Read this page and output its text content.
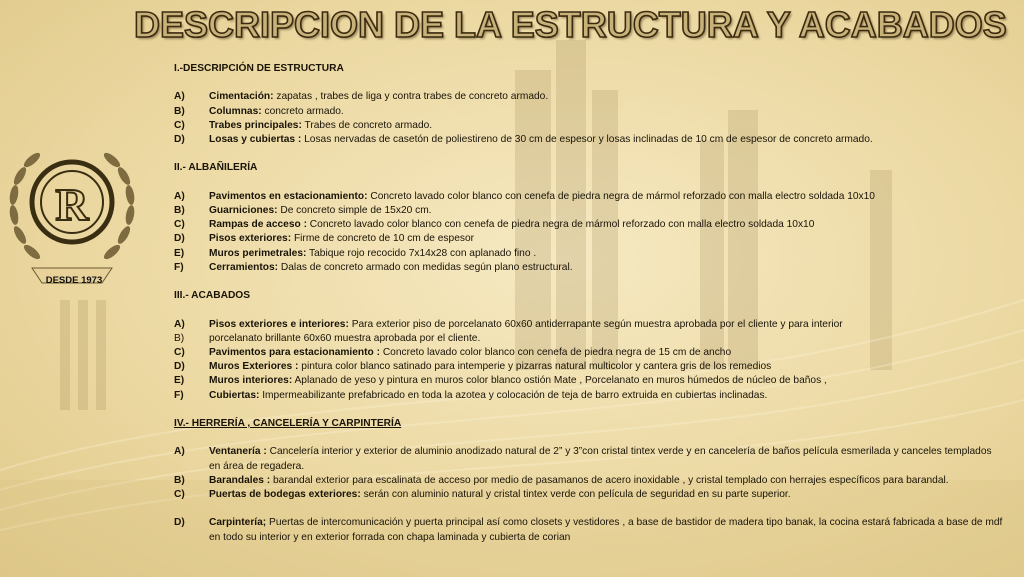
DESCRIPCION DE LA ESTRUCTURA Y ACABADOS
R
DESDE 1973
I.-DESCRIPCIÓN DE ESTRUCTURA
A)	Cimentación: zapatas , trabes de liga y contra trabes de concreto armado.
B)	Columnas: concreto armado.
C)	Trabes principales: Trabes de concreto armado.
D)	Losas y cubiertas : Losas nervadas de casetón de poliestireno de 30 cm de espesor y losas inclinadas de 10 cm de espesor de concreto armado.
II.- ALBAÑILERÍA
A)	Pavimentos en estacionamiento: Concreto lavado color blanco con cenefa de piedra negra de mármol reforzado con malla electro soldada 10x10
B)	Guarniciones: De concreto simple de 15x20 cm.
C)	Rampas de acceso : Concreto lavado color blanco con cenefa de piedra negra de mármol reforzado con malla electro soldada 10x10
D)	Pisos exteriores: Firme de concreto de 10 cm de espesor
E)	Muros perimetrales: Tabique rojo recocido 7x14x28 con aplanado fino .
F)	Cerramientos: Dalas de concreto armado con medidas según plano estructural.
III.- ACABADOS
A)	Pisos exteriores e interiores: Para exterior piso de porcelanato 60x60 antiderrapante según muestra aprobada por el cliente y para interior
B)	porcelanato brillante 60x60 muestra aprobada por el cliente.
C)	Pavimentos para estacionamiento : Concreto lavado color blanco con cenefa de piedra negra de 15 cm de ancho
D)	Muros Exteriores : pintura color blanco satinado para intemperie y pizarras natural multicolor y cantera gris de los remedios
E)	Muros interiores: Aplanado de yeso y pintura en muros color blanco ostión Mate , Porcelanato en muros húmedos de núcleo de baños ,
F)	Cubiertas: Impermeabilizante prefabricado en toda la azotea y colocación de teja de barro extruida en cubiertas inclinadas.
IV.- HERRERÍA , CANCELERÍA Y CARPINTERÍA
A)	Ventanería : Cancelería interior y exterior de aluminio anodizado natural de 2” y 3”con cristal tintex verde y en cancelería de baños película esmerilada y canceles templados en área de regadera.
B)	Barandales : barandal exterior para escalinata de acceso por medio de pasamanos de acero inoxidable , y cristal templado con herrajes específicos para barandal.
C)	Puertas de bodegas exteriores: serán con aluminio natural y cristal tintex verde con película de seguridad en su parte superior.
D)	Carpintería; Puertas de intercomunicación y puerta principal así como closets y vestidores , a base de bastidor de madera tipo banak, la cocina estará fabricada a base de mdf en todo su interior y en exterior forrada con chapa laminada y cubierta de corian
